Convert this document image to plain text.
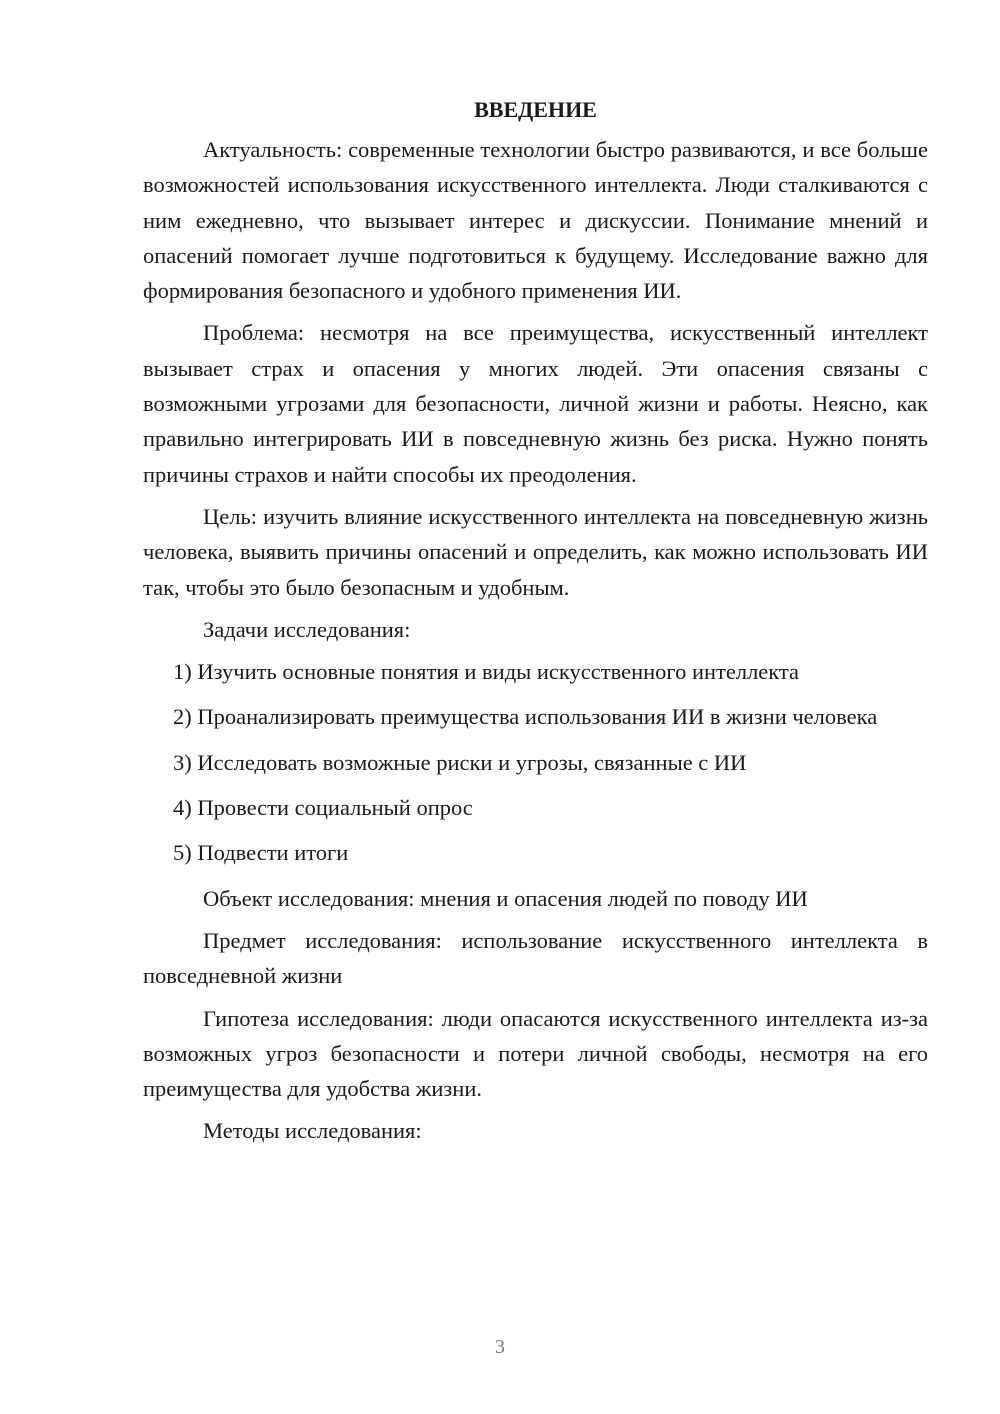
ВВЕДЕНИЕ

Актуальность: современные технологии быстро развиваются, и все больше возможностей использования искусственного интеллекта. Люди сталкиваются с ним ежедневно, что вызывает интерес и дискуссии. Понимание мнений и опасений помогает лучше подготовиться к будущему. Исследование важно для формирования безопасного и удобного применения ИИ.

Проблема: несмотря на все преимущества, искусственный интеллект вызывает страх и опасения у многих людей. Эти опасения связаны с возможными угрозами для безопасности, личной жизни и работы. Неясно, как правильно интегрировать ИИ в повседневную жизнь без риска. Нужно понять причины страхов и найти способы их преодоления.

Цель: изучить влияние искусственного интеллекта на повседневную жизнь человека, выявить причины опасений и определить, как можно использовать ИИ так, чтобы это было безопасным и удобным.

Задачи исследования:

1) Изучить основные понятия и виды искусственного интеллекта

2) Проанализировать преимущества использования ИИ в жизни человека

3) Исследовать возможные риски и угрозы, связанные с ИИ

4) Провести социальный опрос

5) Подвести итоги

Объект исследования: мнения и опасения людей по поводу ИИ

Предмет исследования: использование искусственного интеллекта в повседневной жизни

Гипотеза исследования: люди опасаются искусственного интеллекта из-за возможных угроз безопасности и потери личной свободы, несмотря на его преимущества для удобства жизни.

Методы исследования:

3
